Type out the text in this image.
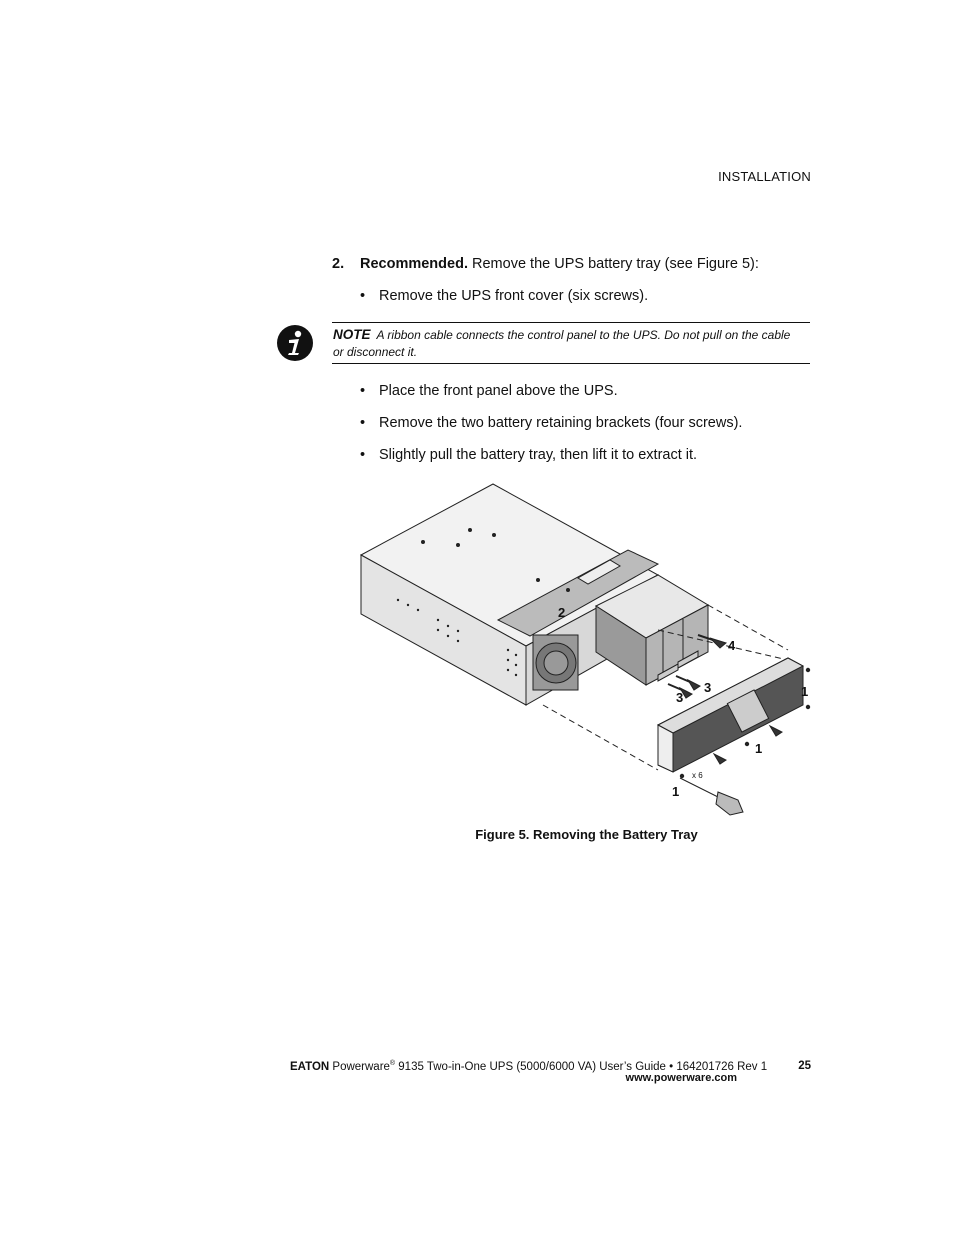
INSTALLATION
2. Recommended. Remove the UPS battery tray (see Figure 5):
• Remove the UPS front cover (six screws).
NOTE A ribbon cable connects the control panel to the UPS. Do not pull on the cable or disconnect it.
• Place the front panel above the UPS.
• Remove the two battery retaining brackets (four screws).
• Slightly pull the battery tray, then lift it to extract it.
2
4
3
3	1
1
1
x 6
Figure 5. Removing the Battery Tray
EATON Powerware® 9135 Two-in-One UPS (5000/6000 VA) User’s Guide • 164201726 Rev 1
www.powerware.com
25
